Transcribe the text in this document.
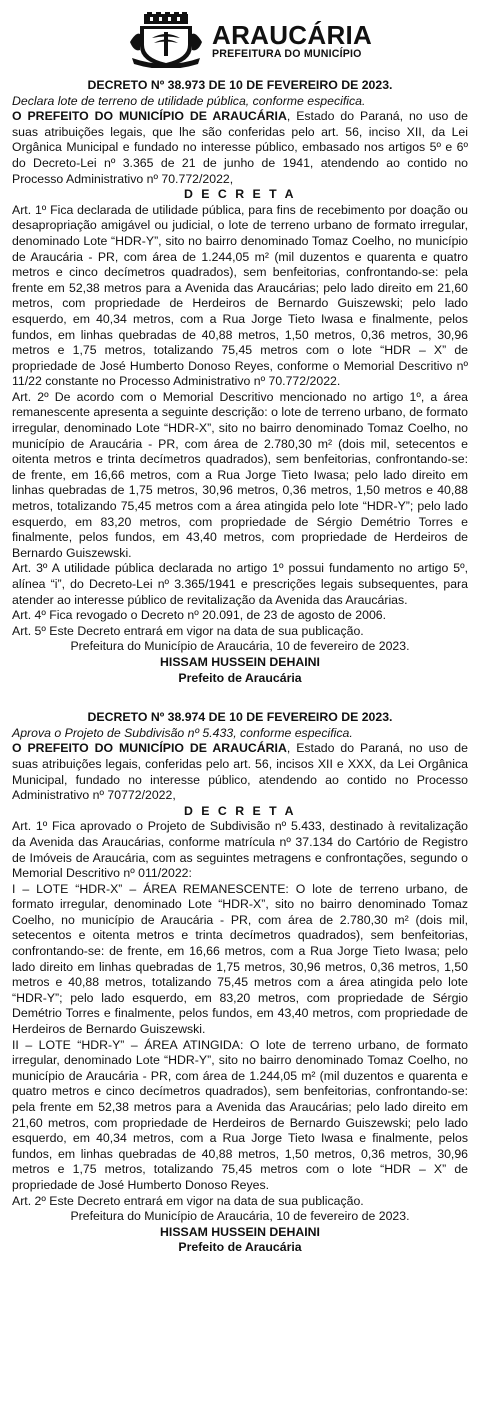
ARAUCÁRIA
PREFEITURA DO MUNICÍPIO

DECRETO Nº 38.973 DE 10 DE FEVEREIRO DE 2023.

Declara lote de terreno de utilidade pública, conforme especifica.

O PREFEITO DO MUNICÍPIO DE ARAUCÁRIA, Estado do Paraná, no uso de suas atribuições legais, que lhe são conferidas pelo art. 56, inciso XII, da Lei Orgânica Municipal e fundado no interesse público, embasado nos artigos 5º e 6º do Decreto-Lei nº 3.365 de 21 de junho de 1941, atendendo ao contido no Processo Administrativo nº 70.772/2022,

D E C R E T A

Art. 1º Fica declarada de utilidade pública, para fins de recebimento por doação ou desapropriação amigável ou judicial, o lote de terreno urbano de formato irregular, denominado Lote “HDR-Y”, sito no bairro denominado Tomaz Coelho, no município de Araucária - PR, com área de 1.244,05 m² (mil duzentos e quarenta e quatro metros e cinco decímetros quadrados), sem benfeitorias, confrontando-se: pela frente em 52,38 metros para a Avenida das Araucárias; pelo lado direito em 21,60 metros, com propriedade de Herdeiros de Bernardo Guiszewski; pelo lado esquerdo, em 40,34 metros, com a Rua Jorge Tieto Iwasa e finalmente, pelos fundos, em linhas quebradas de 40,88 metros, 1,50 metros, 0,36 metros, 30,96 metros e 1,75 metros, totalizando 75,45 metros com o lote “HDR – X” de propriedade de José Humberto Donoso Reyes, conforme o Memorial Descritivo nº 11/22 constante no Processo Administrativo nº 70.772/2022.

Art. 2º De acordo com o Memorial Descritivo mencionado no artigo 1º, a área remanescente apresenta a seguinte descrição: o lote de terreno urbano, de formato irregular, denominado Lote “HDR-X”, sito no bairro denominado Tomaz Coelho, no município de Araucária - PR, com área de 2.780,30 m² (dois mil, setecentos e oitenta metros e trinta decímetros quadrados), sem benfeitorias, confrontando-se: de frente, em 16,66 metros, com a Rua Jorge Tieto Iwasa; pelo lado direito em linhas quebradas de 1,75 metros, 30,96 metros, 0,36 metros, 1,50 metros e 40,88 metros, totalizando 75,45 metros com a área atingida pelo lote “HDR-Y”; pelo lado esquerdo, em 83,20 metros, com propriedade de Sérgio Demétrio Torres e finalmente, pelos fundos, em 43,40 metros, com propriedade de Herdeiros de Bernardo Guiszewski.

Art. 3º A utilidade pública declarada no artigo 1º possui fundamento no artigo 5º, alínea “i”, do Decreto-Lei nº 3.365/1941 e prescrições legais subsequentes, para atender ao interesse público de revitalização da Avenida das Araucárias.

Art. 4º Fica revogado o Decreto nº 20.091, de 23 de agosto de 2006.

Art. 5º Este Decreto entrará em vigor na data de sua publicação.

Prefeitura do Município de Araucária, 10 de fevereiro de 2023.

HISSAM HUSSEIN DEHAINI

Prefeito de Araucária

DECRETO Nº 38.974 DE 10 DE FEVEREIRO DE 2023.

Aprova o Projeto de Subdivisão nº 5.433, conforme especifica.

O PREFEITO DO MUNICÍPIO DE ARAUCÁRIA, Estado do Paraná, no uso de suas atribuições legais, conferidas pelo art. 56, incisos XII e XXX, da Lei Orgânica Municipal, fundado no interesse público, atendendo ao contido no Processo Administrativo nº 70772/2022,

D E C R E T A

Art. 1º Fica aprovado o Projeto de Subdivisão nº 5.433, destinado à revitalização da Avenida das Araucárias, conforme matrícula nº 37.134 do Cartório de Registro de Imóveis de Araucária, com as seguintes metragens e confrontações, segundo o Memorial Descritivo nº 011/2022:

I – LOTE “HDR-X” – ÁREA REMANESCENTE: O lote de terreno urbano, de formato irregular, denominado Lote “HDR-X”, sito no bairro denominado Tomaz Coelho, no município de Araucária - PR, com área de 2.780,30 m² (dois mil, setecentos e oitenta metros e trinta decímetros quadrados), sem benfeitorias, confrontando-se: de frente, em 16,66 metros, com a Rua Jorge Tieto Iwasa; pelo lado direito em linhas quebradas de 1,75 metros, 30,96 metros, 0,36 metros, 1,50 metros e 40,88 metros, totalizando 75,45 metros com a área atingida pelo lote “HDR-Y”; pelo lado esquerdo, em 83,20 metros, com propriedade de Sérgio Demétrio Torres e finalmente, pelos fundos, em 43,40 metros, com propriedade de Herdeiros de Bernardo Guiszewski.

II – LOTE “HDR-Y” – ÁREA ATINGIDA: O lote de terreno urbano, de formato irregular, denominado Lote “HDR-Y”, sito no bairro denominado Tomaz Coelho, no município de Araucária - PR, com área de 1.244,05 m² (mil duzentos e quarenta e quatro metros e cinco decímetros quadrados), sem benfeitorias, confrontando-se: pela frente em 52,38 metros para a Avenida das Araucárias; pelo lado direito em 21,60 metros, com propriedade de Herdeiros de Bernardo Guiszewski; pelo lado esquerdo, em 40,34 metros, com a Rua Jorge Tieto Iwasa e finalmente, pelos fundos, em linhas quebradas de 40,88 metros, 1,50 metros, 0,36 metros, 30,96 metros e 1,75 metros, totalizando 75,45 metros com o lote “HDR – X” de propriedade de José Humberto Donoso Reyes.

Art. 2º Este Decreto entrará em vigor na data de sua publicação.

Prefeitura do Município de Araucária, 10 de fevereiro de 2023.

HISSAM HUSSEIN DEHAINI

Prefeito de Araucária
